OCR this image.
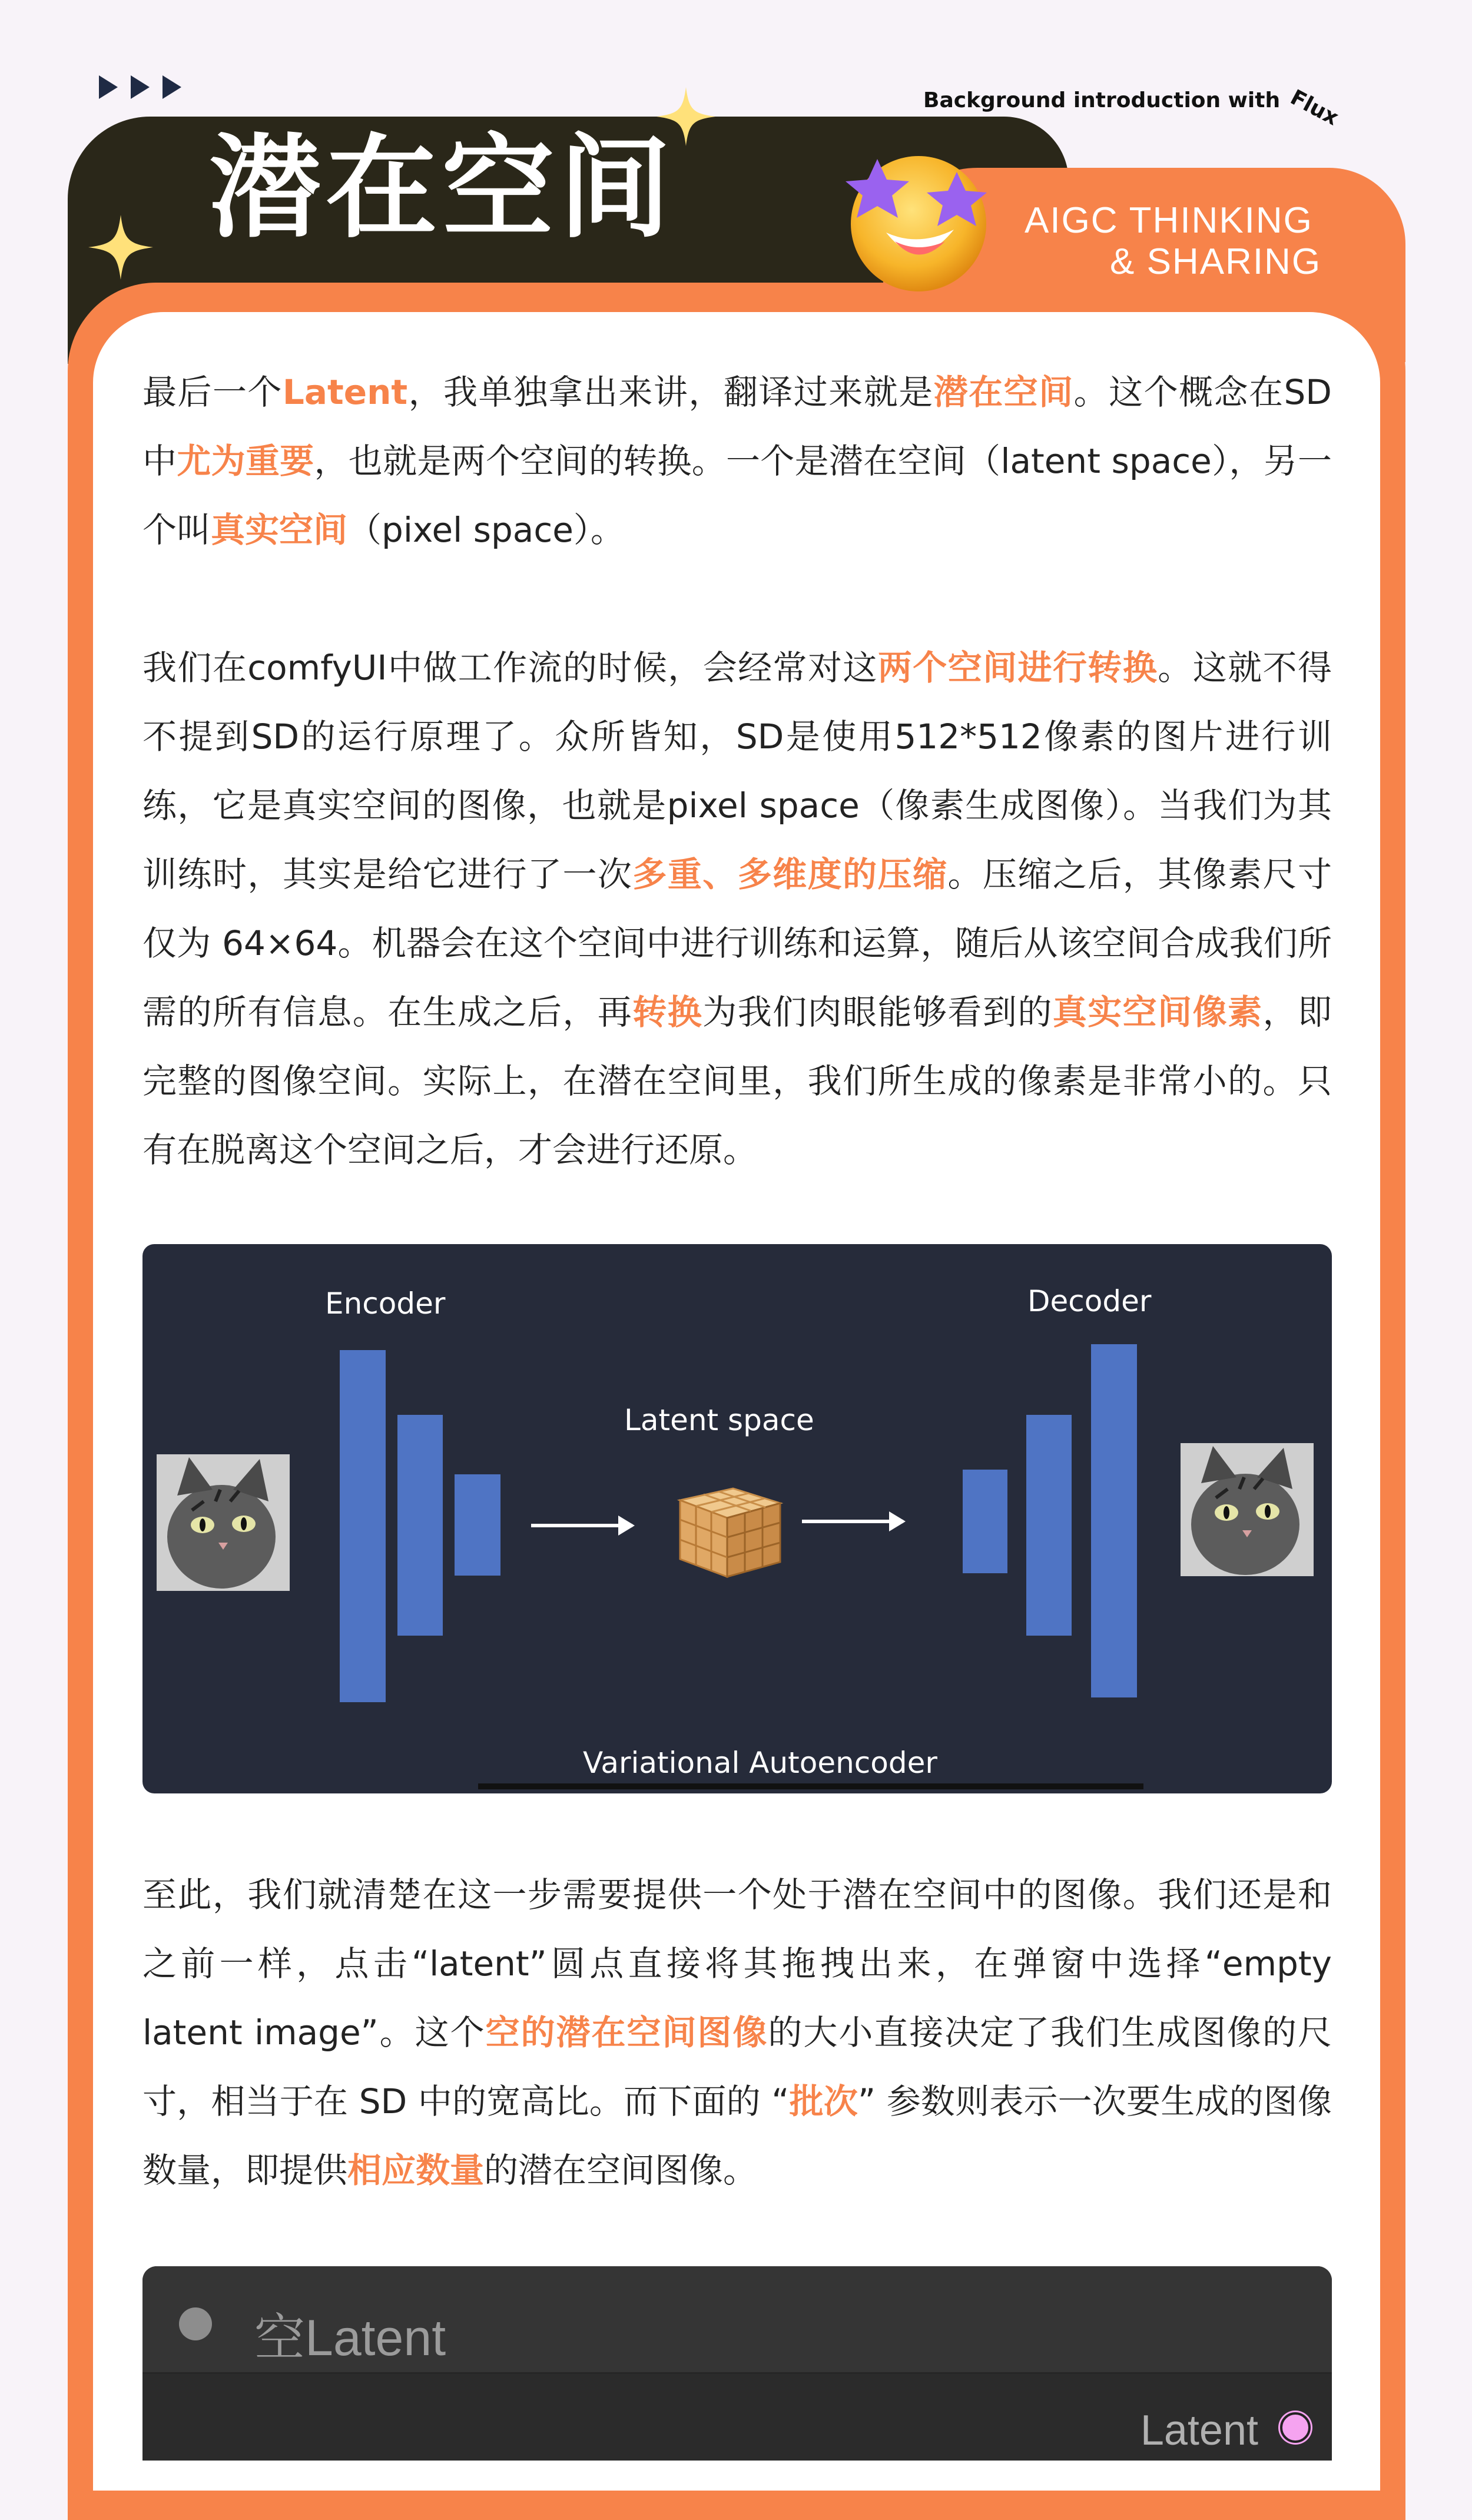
潜在空间
Background introduction with Flux
AIGC THINKING
& SHARING

最后一个Latent，我单独拿出来讲，翻译过来就是潜在空间。这个概念在SD中尤为重要，也就是两个空间的转换。一个是潜在空间（latent space），另一个叫真实空间（pixel space）。

我们在comfyUI中做工作流的时候，会经常对这两个空间进行转换。这就不得不提到SD的运行原理了。众所皆知，SD是使用512*512像素的图片进行训练，它是真实空间的图像，也就是pixel space（像素生成图像）。当我们为其训练时，其实是给它进行了一次多重、多维度的压缩。压缩之后，其像素尺寸仅为 64×64。机器会在这个空间中进行训练和运算，随后从该空间合成我们所需的所有信息。在生成之后，再转换为我们肉眼能够看到的真实空间像素，即完整的图像空间。实际上，在潜在空间里，我们所生成的像素是非常小的。只有在脱离这个空间之后，才会进行还原。

Encoder	Decoder
Latent space
Variational Autoencoder

至此，我们就清楚在这一步需要提供一个处于潜在空间中的图像。我们还是和之前一样，点击“latent”圆点直接将其拖拽出来，在弹窗中选择“empty latent image”。这个空的潜在空间图像的大小直接决定了我们生成图像的尺寸，相当于在 SD 中的宽高比。而下面的 “批次” 参数则表示一次要生成的图像数量，即提供相应数量的潜在空间图像。

空Latent
Latent
